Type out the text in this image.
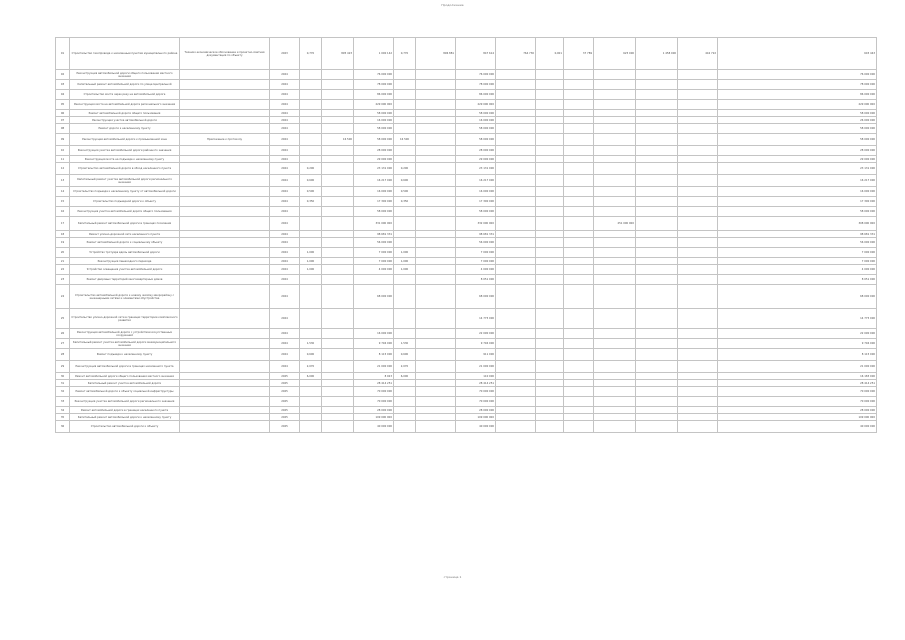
Продолжение
01	Строительство газопровода к населенным пунктам муниципального района	Технико-экономическое обоснование и проектно-сметная документация по объекту	2023	0,770	895 423	1 000 142	0,770	896 881	847 614	764 730	0,001	37 789	625 000	1 458 000	442 722	645 443
02	Реконструкция автомобильной дороги общего пользования местного значения		2024			76 000 000			76 000 000							76 000 000
03	Капитальный ремонт автомобильной дороги по улице Центральной		2024			78 000 000			78 000 000							78 000 000
04	Строительство моста через реку на автомобильной дороге		2024			86 000 000			86 000 000							86 000 000
05	Реконструкция моста на автомобильной дороге регионального значения		2024			229 000 000			229 000 000							229 000 000
06	Ремонт автомобильной дороги общего пользования		2024			58 000 000			58 000 000							58 000 000
07	Реконструкция участка автомобильной дороги		2024			16 000 000			16 000 000							26 000 000
08	Ремонт дороги к населенному пункту		2024			58 000 000			58 000 000							58 000 000
09	Реконструкция автомобильной дороги к промышленной зоне	Приложение к протоколу	2024		16 500	58 000 000	16 500		58 000 000							58 000 000
10	Реконструкция участка автомобильной дороги районного значения		2024			28 000 000			28 000 000							28 000 000
11	Реконструкция моста на подъезде к населенному пункту		2024			29 000 000			29 000 000							29 000 000
12	Строительство автомобильной дороги в обход населенного пункта		2024	0,200		23 131 000	0,200		23 131 000							23 131 000
13	Капитальный ремонт участка автомобильной дороги регионального значения		2024	0,600		16 217 000	0,600		16 217 000							16 217 000
14	Строительство подъезда к населенному пункту от автомобильной дороги		2024	0,500		16 000 000	0,500		16 000 000							16 000 000
15	Строительство подъездной дороги к объекту		2024	0,350		17 300 000	0,350		17 300 000							17 300 000
16	Реконструкция участка автомобильной дороги общего пользования		2024			58 000 000			58 000 000							58 000 000
17	Капитальный ремонт автомобильной дороги в границах поселения		2024			331 000 000			332 000 000				251 000 000			308 000 000
18	Ремонт улично-дорожной сети населенного пункта		2024			98 681 331			98 681 331							98 681 331
19	Ремонт автомобильной дороги к социальному объекту		2024			56 000 000			56 000 000							56 000 000
20	Устройство тротуара вдоль автомобильной дороги		2024	1,000		7 000 000	1,000		7 000 000							7 000 000
21	Реконструкция пешеходного перехода		2024	1,000		7 000 000	1,000		7 000 000							7 000 000
22	Устройство освещения участка автомобильной дороги		2024	1,000		4 000 000	1,000		4 000 000							4 000 000
23	Ремонт дворовых территорий многоквартирных домов		2024						8 051 000							8 051 000
24	Строительство автомобильной дороги к новому жилому микрорайону с инженерными сетями и элементами обустройства		2024			68 000 000			68 000 000							68 000 000
25	Строительство улично-дорожной сети в границах территории комплексного развития		2024						14 775 000							14 775 000
26	Реконструкция автомобильной дороги с устройством искусственных сооружений		2024			16 000 000			22 090 000							22 090 000
27	Капитальный ремонт участка автомобильной дороги межмуниципального значения		2024	1,530		9 794 000	1,530		9 794 000							9 794 000
28	Ремонт подъезда к населенному пункту		2024	0,600		8 115 000	0,600		911 000							8 115 000
29	Реконструкция автомобильной дороги в границах населенного пункта		2024	2,070		21 000 000	2,070		21 000 000							21 000 000
30	Ремонт автомобильной дороги общего пользования местного значения		2025	6,000		8 023	6,000		110 000							16 183 000
31	Капитальный ремонт участка автомобильной дороги		2025			28 414 251			28 414 251							28 414 251
32	Ремонт автомобильной дороги к объекту социальной инфраструктуры		2025			70 000 000			70 000 000							70 000 000
33	Реконструкция участка автомобильной дороги регионального значения		2025			70 000 000			70 000 000							70 000 000
34	Ремонт автомобильной дороги в границах населенного пункта		2025			28 000 000			28 000 000							28 000 000
35	Капитальный ремонт автомобильной дороги к населенному пункту		2025			109 000 000			109 000 000							109 000 000
36	Строительство автомобильной дороги к объекту		2025			40 000 000			40 000 000							40 000 000
страница 1
